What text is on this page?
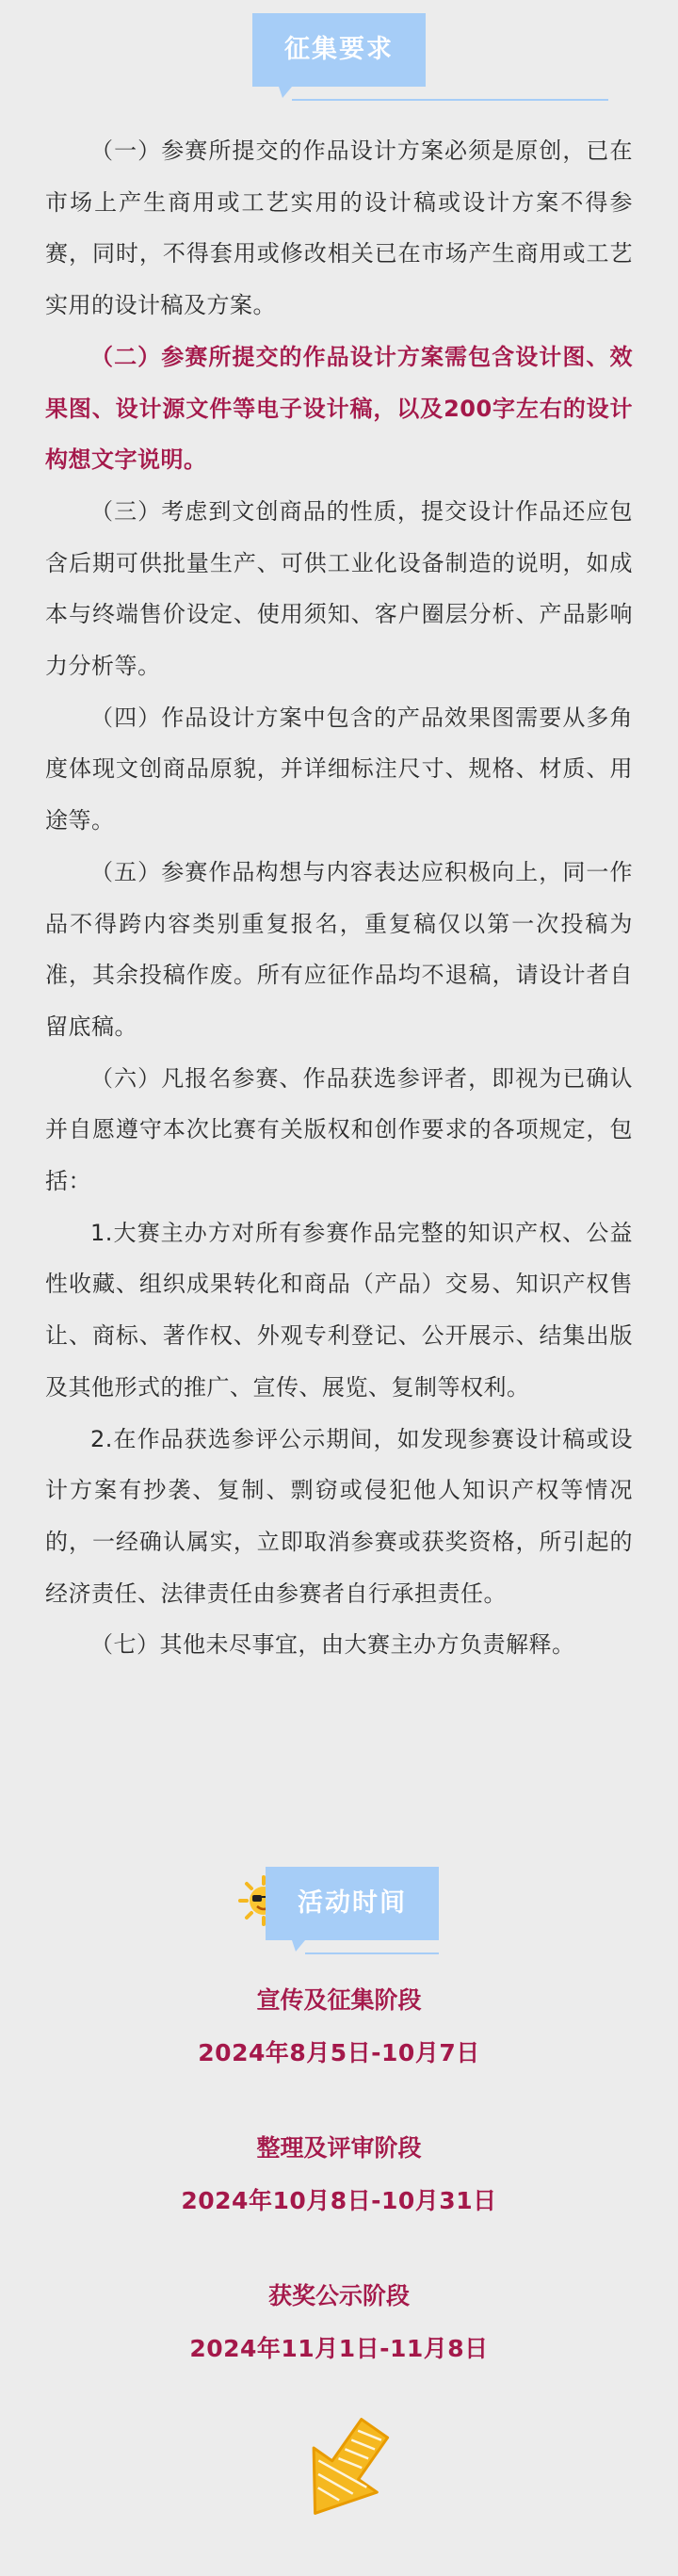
征集要求

（一）参赛所提交的作品设计方案必须是原创，已在市场上产生商用或工艺实用的设计稿或设计方案不得参赛，同时，不得套用或修改相关已在市场产生商用或工艺实用的设计稿及方案。

（二）参赛所提交的作品设计方案需包含设计图、效果图、设计源文件等电子设计稿，以及200字左右的设计构想文字说明。

（三）考虑到文创商品的性质，提交设计作品还应包含后期可供批量生产、可供工业化设备制造的说明，如成本与终端售价设定、使用须知、客户圈层分析、产品影响力分析等。

（四）作品设计方案中包含的产品效果图需要从多角度体现文创商品原貌，并详细标注尺寸、规格、材质、用途等。

（五）参赛作品构想与内容表达应积极向上，同一作品不得跨内容类别重复报名，重复稿仅以第一次投稿为准，其余投稿作废。所有应征作品均不退稿，请设计者自留底稿。

（六）凡报名参赛、作品获选参评者，即视为已确认并自愿遵守本次比赛有关版权和创作要求的各项规定，包括：

1.大赛主办方对所有参赛作品完整的知识产权、公益性收藏、组织成果转化和商品（产品）交易、知识产权售让、商标、著作权、外观专利登记、公开展示、结集出版及其他形式的推广、宣传、展览、复制等权利。

2.在作品获选参评公示期间，如发现参赛设计稿或设计方案有抄袭、复制、剽窃或侵犯他人知识产权等情况的，一经确认属实，立即取消参赛或获奖资格，所引起的经济责任、法律责任由参赛者自行承担责任。

（七）其他未尽事宜，由大赛主办方负责解释。

活动时间
宣传及征集阶段
2024年8月5日-10月7日
整理及评审阶段
2024年10月8日-10月31日
获奖公示阶段
2024年11月1日-11月8日
